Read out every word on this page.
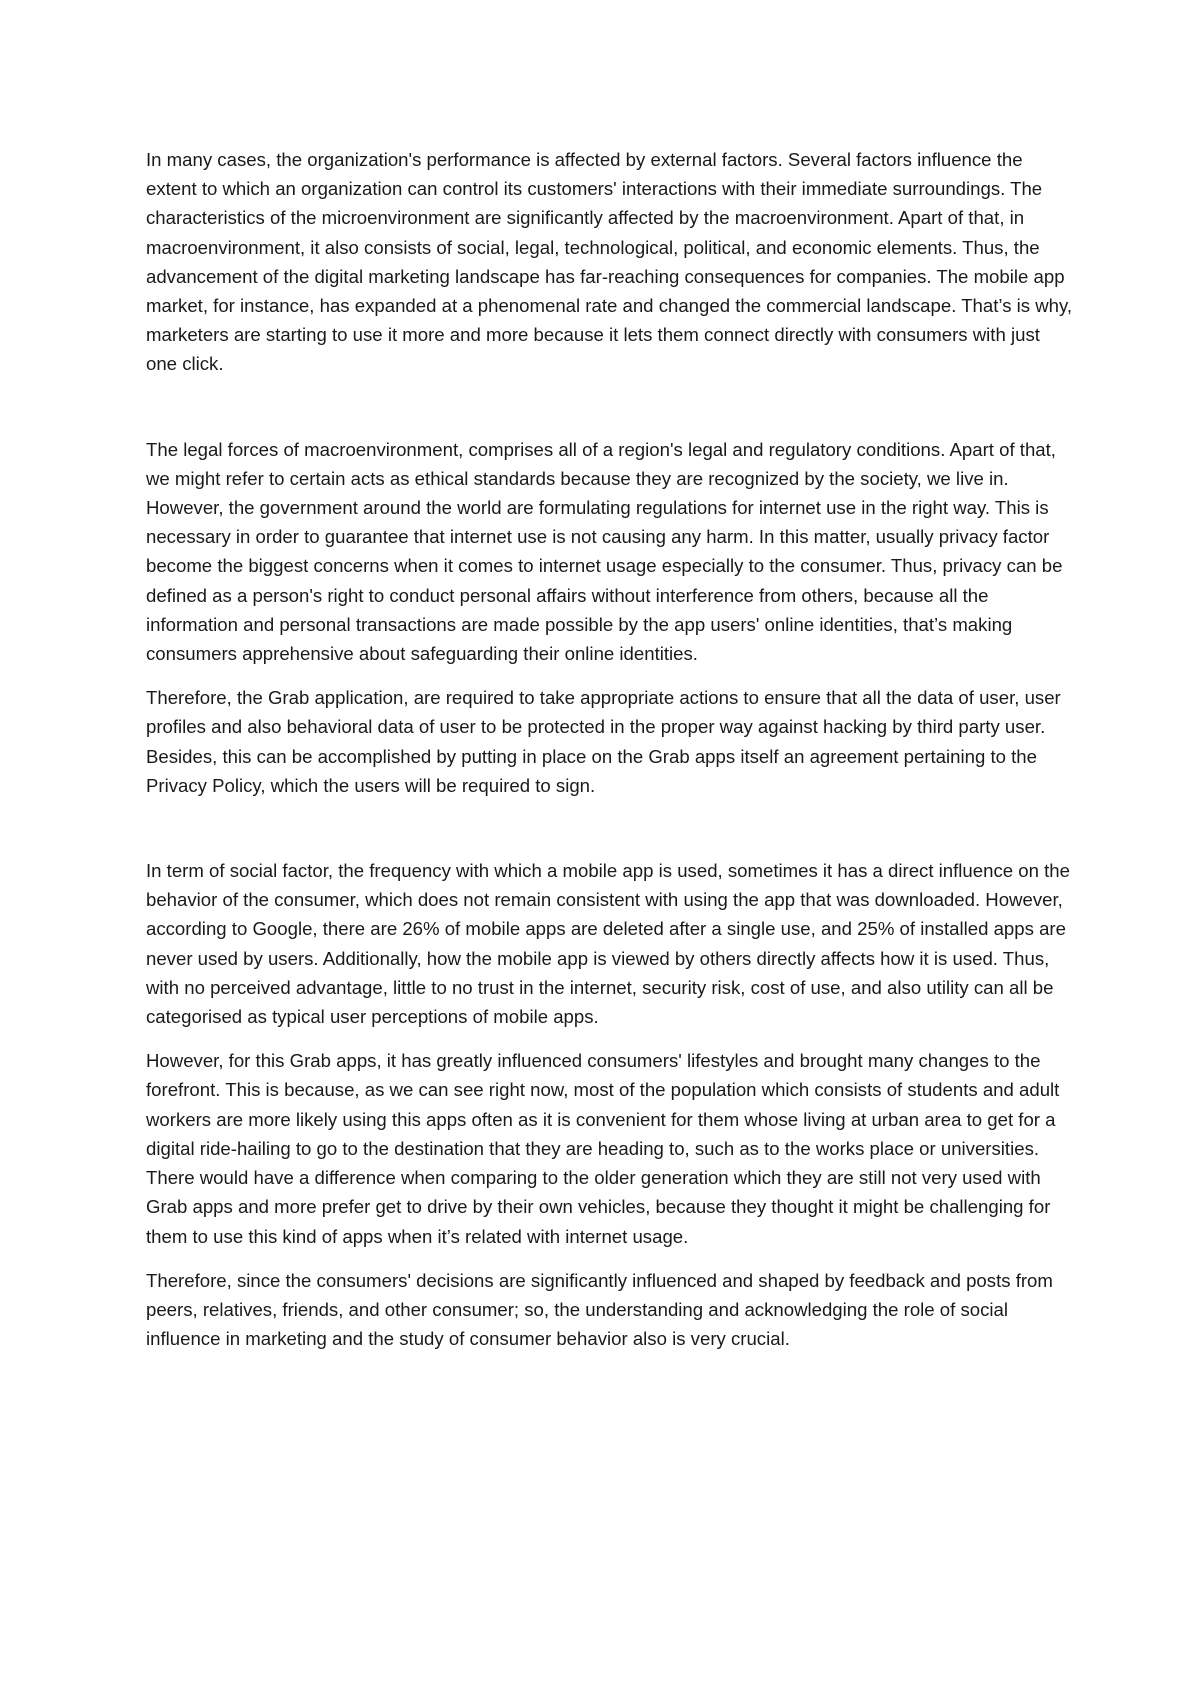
In many cases, the organization's performance is affected by external factors. Several factors influence the extent to which an organization can control its customers' interactions with their immediate surroundings. The characteristics of the microenvironment are significantly affected by the macroenvironment. Apart of that, in macroenvironment, it also consists of social, legal, technological, political, and economic elements. Thus, the advancement of the digital marketing landscape has far-reaching consequences for companies. The mobile app market, for instance, has expanded at a phenomenal rate and changed the commercial landscape. That’s is why, marketers are starting to use it more and more because it lets them connect directly with consumers with just one click.

The legal forces of macroenvironment, comprises all of a region's legal and regulatory conditions. Apart of that, we might refer to certain acts as ethical standards because they are recognized by the society, we live in. However, the government around the world are formulating regulations for internet use in the right way. This is necessary in order to guarantee that internet use is not causing any harm. In this matter, usually privacy factor become the biggest concerns when it comes to internet usage especially to the consumer. Thus, privacy can be defined as a person's right to conduct personal affairs without interference from others, because all the information and personal transactions are made possible by the app users' online identities, that’s making consumers apprehensive about safeguarding their online identities.

Therefore, the Grab application, are required to take appropriate actions to ensure that all the data of user, user profiles and also behavioral data of user to be protected in the proper way against hacking by third party user. Besides, this can be accomplished by putting in place on the Grab apps itself an agreement pertaining to the Privacy Policy, which the users will be required to sign.

In term of social factor, the frequency with which a mobile app is used, sometimes it has a direct influence on the behavior of the consumer, which does not remain consistent with using the app that was downloaded. However, according to Google, there are 26% of mobile apps are deleted after a single use, and 25% of installed apps are never used by users. Additionally, how the mobile app is viewed by others directly affects how it is used. Thus, with no perceived advantage, little to no trust in the internet, security risk, cost of use, and also utility can all be categorised as typical user perceptions of mobile apps.

However, for this Grab apps, it has greatly influenced consumers' lifestyles and brought many changes to the forefront. This is because, as we can see right now, most of the population which consists of students and adult workers are more likely using this apps often as it is convenient for them whose living at urban area to get for a digital ride-hailing to go to the destination that they are heading to, such as to the works place or universities. There would have a difference when comparing to the older generation which they are still not very used with Grab apps and more prefer get to drive by their own vehicles, because they thought it might be challenging for them to use this kind of apps when it’s related with internet usage.

Therefore, since the consumers' decisions are significantly influenced and shaped by feedback and posts from peers, relatives, friends, and other consumer; so, the understanding and acknowledging the role of social influence in marketing and the study of consumer behavior also is very crucial.
